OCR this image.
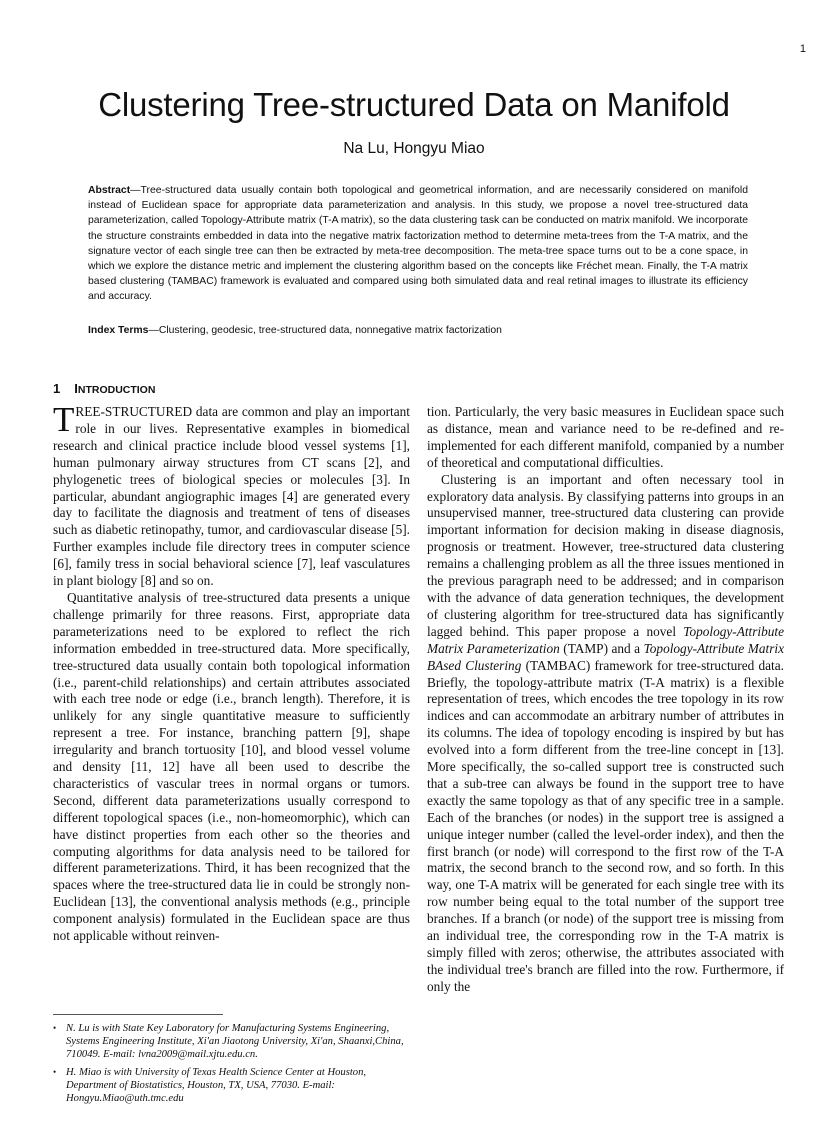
1
Clustering Tree-structured Data on Manifold
Na Lu, Hongyu Miao

Abstract—Tree-structured data usually contain both topological and geometrical information, and are necessarily considered on manifold instead of Euclidean space for appropriate data parameterization and analysis. In this study, we propose a novel tree-structured data parameterization, called Topology-Attribute matrix (T-A matrix), so the data clustering task can be conducted on matrix manifold. We incorporate the structure constraints embedded in data into the negative matrix factorization method to determine meta-trees from the T-A matrix, and the signature vector of each single tree can then be extracted by meta-tree decomposition. The meta-tree space turns out to be a cone space, in which we explore the distance metric and implement the clustering algorithm based on the concepts like Fréchet mean. Finally, the T-A matrix based clustering (TAMBAC) framework is evaluated and compared using both simulated data and real retinal images to illustrate its efficiency and accuracy.

Index Terms—Clustering, geodesic, tree-structured data, nonnegative matrix factorization

1 INTRODUCTION

TREE-STRUCTURED data are common and play an important role in our lives. Representative examples in biomedical research and clinical practice include blood vessel systems [1], human pulmonary airway structures from CT scans [2], and phylogenetic trees of biological species or molecules [3]. In particular, abundant angiographic images [4] are generated every day to facilitate the diagnosis and treatment of tens of diseases such as diabetic retinopathy, tumor, and cardiovascular disease [5]. Further examples include file directory trees in computer science [6], family tress in social behavioral science [7], leaf vasculatures in plant biology [8] and so on.

Quantitative analysis of tree-structured data presents a unique challenge primarily for three reasons. First, appropriate data parameterizations need to be explored to reflect the rich information embedded in tree-structured data. More specifically, tree-structured data usually contain both topological information (i.e., parent-child relationships) and certain attributes associated with each tree node or edge (i.e., branch length). Therefore, it is unlikely for any single quantitative measure to sufficiently represent a tree. For instance, branching pattern [9], shape irregularity and branch tortuosity [10], and blood vessel volume and density [11, 12] have all been used to describe the characteristics of vascular trees in normal organs or tumors. Second, different data parameterizations usually correspond to different topological spaces (i.e., non-homeomorphic), which can have distinct properties from each other so the theories and computing algorithms for data analysis need to be tailored for different parameterizations. Third, it has been recognized that the spaces where the tree-structured data lie in could be strongly non-Euclidean [13], the conventional analysis methods (e.g., principle component analysis) formulated in the Euclidean space are thus not applicable without reinven-

tion. Particularly, the very basic measures in Euclidean space such as distance, mean and variance need to be re-defined and re-implemented for each different manifold, companied by a number of theoretical and computational difficulties.

Clustering is an important and often necessary tool in exploratory data analysis. By classifying patterns into groups in an unsupervised manner, tree-structured data clustering can provide important information for decision making in disease diagnosis, prognosis or treatment. However, tree-structured data clustering remains a challenging problem as all the three issues mentioned in the previous paragraph need to be addressed; and in comparison with the advance of data generation techniques, the development of clustering algorithm for tree-structured data has significantly lagged behind. This paper propose a novel Topology-Attribute Matrix Parameterization (TAMP) and a Topology-Attribute Matrix BAsed Clustering (TAMBAC) framework for tree-structured data. Briefly, the topology-attribute matrix (T-A matrix) is a flexible representation of trees, which encodes the tree topology in its row indices and can accommodate an arbitrary number of attributes in its columns. The idea of topology encoding is inspired by but has evolved into a form different from the tree-line concept in [13]. More specifically, the so-called support tree is constructed such that a sub-tree can always be found in the support tree to have exactly the same topology as that of any specific tree in a sample. Each of the branches (or nodes) in the support tree is assigned a unique integer number (called the level-order index), and then the first branch (or node) will correspond to the first row of the T-A matrix, the second branch to the second row, and so forth. In this way, one T-A matrix will be generated for each single tree with its row number being equal to the total number of the support tree branches. If a branch (or node) of the support tree is missing from an individual tree, the corresponding row in the T-A matrix is simply filled with zeros; otherwise, the attributes associated with the individual tree's branch are filled into the row. Furthermore, if only the

• N. Lu is with State Key Laboratory for Manufacturing Systems Engineering, Systems Engineering Institute, Xi'an Jiaotong University, Xi'an, Shaanxi,China, 710049. E-mail: lvna2009@mail.xjtu.edu.cn.
• H. Miao is with University of Texas Health Science Center at Houston, Department of Biostatistics, Houston, TX, USA, 77030. E-mail: Hongyu.Miao@uth.tmc.edu
